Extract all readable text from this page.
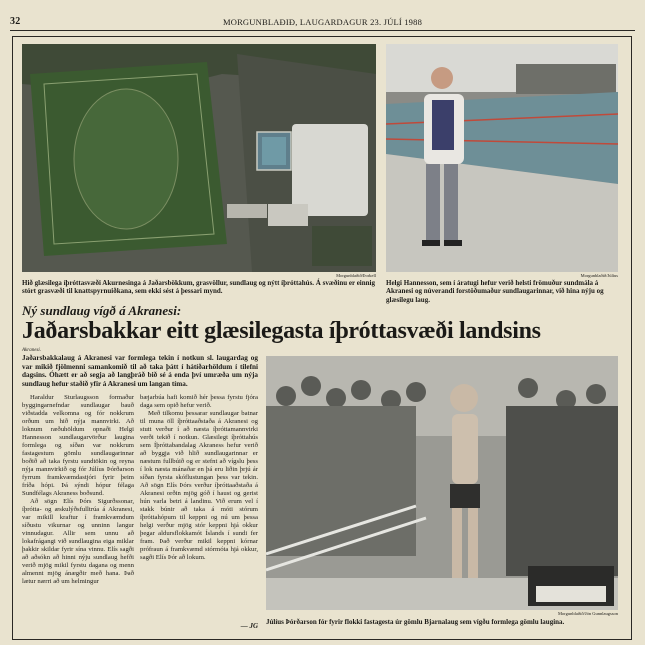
32	MORGUNBLAÐIÐ, LAUGARDAGUR 23. JÚLÍ 1988
Morgunblaðið/Þorkell
Hið glæsilega íþróttasvæði Akurnesinga á Jaðarsbökkum, grasvöllur, sundlaug og nýtt íþróttahús. Á svæðinu er einnig stórt grasvæði til knattspyrnuiðkana, sem ekki sést á þessari mynd.
Morgunblaðið/Júlíus
Helgi Hannesson, sem í áratugi hefur verið helsti frömuður sundmála á Akranesi og núverandi forstöðumaður sundlaugarinnar, við hina nýju og glæsilegu laug.
Ný sundlaug vígð á Akranesi:
Jaðarsbakkar eitt glæsilegasta íþróttasvæði landsins
Akranesi.
Jaðarsbakkalaug á Akranesi var formlega tekin í notkun sl. laugardag og var mikið fjölmenni samankomið til að taka þátt í hátíðarhöldum í tilefni dagsins. Óhætt er að segja að langþráð bið sé á enda því umræða um nýja sundlaug hefur staðið yfir á Akranesi um langan tíma.

Haraldur Sturlaugsson formaður byggingarnefndar sundlaugar bauð viðstadda velkomna og fór nokkrum orðum um hið nýja mannvirki. Að loknum ræðuhöldum opnaði Helgi Hannesson sundlaugarvörður laugina formlega og síðan var nokkrum fastagestum gömlu sundlaugarinnar boðið að taka fyrstu sundtökin og reyna nýja mannvirkið og fór Júlíus Þórðarson fyrrum framkvæmdastjóri fyrir þeim fríða hópi. Þá sýndi hópur félaga Sundfélags Akraness boðsund.

Að sögn Elís Þórs Sigurðssonar, íþrótta- og æskulýðsfulltrúa á Akranesi, var mikill kraftur í framkvæmdum síðustu vikurnar og unninn langur vinnudagur. Allir sem unnu að lokafrágangi við sundlaugina eiga miklar þakkir skildar fyrir sína vinnu. Elís sagði að aðsókn að hinni nýju sundlaug hefði verið mjög mikil fyrstu dagana og menn almennt mjög ánægðir með hana. Það lætur nærri að um helmingur

bæjarbúa hafi komið hér þessa fyrstu fjóra daga sem opið hefur verið.

Með tilkomu þessarar sundlaugar batnar til muna öll íþróttaaðstaða á Akranesi og stutt verður í að næsta íþróttamannvirki verði tekið í notkun. Glæsilegt íþróttahús sem Íþróttabandalag Akraness hefur verið að byggja við hlið sundlaugarinnar er næstum fullbúið og er stefnt að vígslu þess í lok næsta mánaðar en þá eru liðin þrjú ár síðan fyrsta skóflustungan þess var tekin. Að sögn Elís Þórs verður íþróttaaðstaða á Akranesi orðin mjög góð í haust og gerist hún varla betri á landinu. Við erum vel í stakk búnir að taka á móti stórum íþróttahópum til keppni og nú um þessa helgi verður mjög stór keppni hjá okkur þegar aldursflokkamót Íslands í sundi fer fram. Það verður mikil keppni kórnar prófraun á framkvæmd stórmóta hjá okkur, sagði Elís Þór að lokum.

— JG
Morgunblaðið/Jón Gunnlaugsson
Júlíus Þórðarson fór fyrir flokki fastagesta úr gömlu Bjarnalaug sem vígðu formlega gömlu laugina.
